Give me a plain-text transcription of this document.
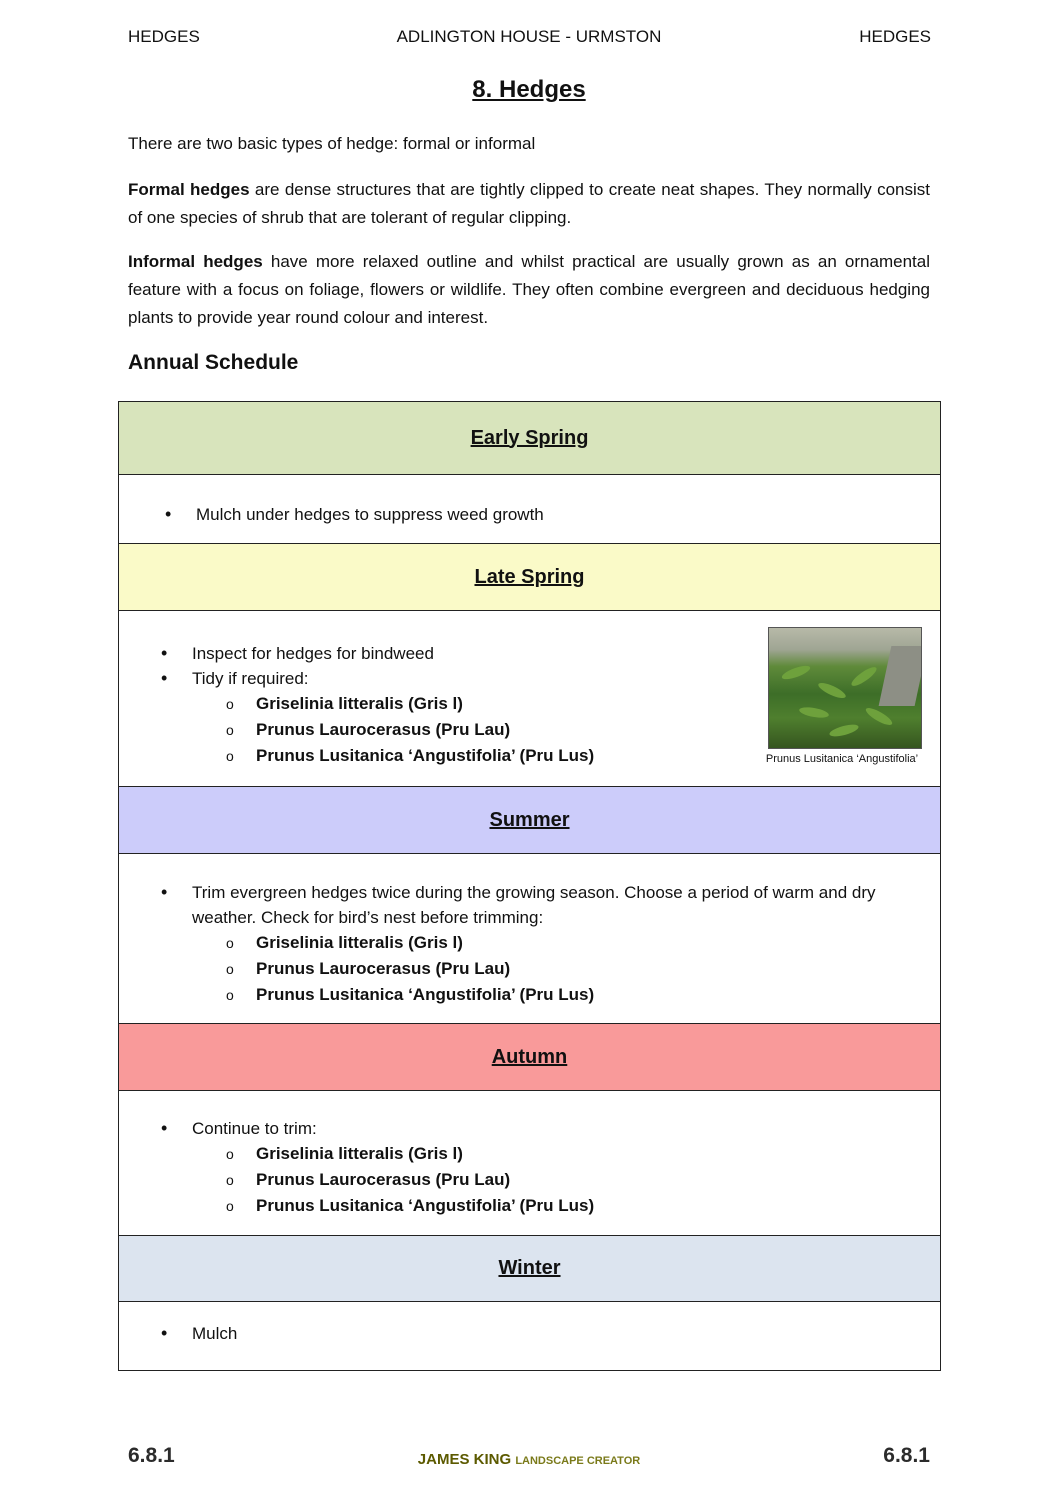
HEDGES	ADLINGTON HOUSE - URMSTON	HEDGES
8. Hedges
There are two basic types of hedge: formal or informal
Formal hedges are dense structures that are tightly clipped to create neat shapes. They normally consist of one species of shrub that are tolerant of regular clipping.
Informal hedges have more relaxed outline and whilst practical are usually grown as an ornamental feature with a focus on foliage, flowers or wildlife. They often combine evergreen and deciduous hedging plants to provide year round colour and interest.
Annual Schedule
Early Spring
• Mulch under hedges to suppress weed growth
Late Spring
• Inspect for hedges for bindweed
• Tidy if required:
o Griselinia litteralis (Gris l)
o Prunus Laurocerasus (Pru Lau)
o Prunus Lusitanica ‘Angustifolia’ (Pru Lus)	Prunus Lusitanica ‘Angustifolia’
Summer
• Trim evergreen hedges twice during the growing season. Choose a period of warm and dry weather. Check for bird’s nest before trimming:
o Griselinia litteralis (Gris l)
o Prunus Laurocerasus (Pru Lau)
o Prunus Lusitanica ‘Angustifolia’ (Pru Lus)
Autumn
• Continue to trim:
o Griselinia litteralis (Gris l)
o Prunus Laurocerasus (Pru Lau)
o Prunus Lusitanica ‘Angustifolia’ (Pru Lus)
Winter
• Mulch
6.8.1	JAMES KING LANDSCAPE CREATOR	6.8.1
